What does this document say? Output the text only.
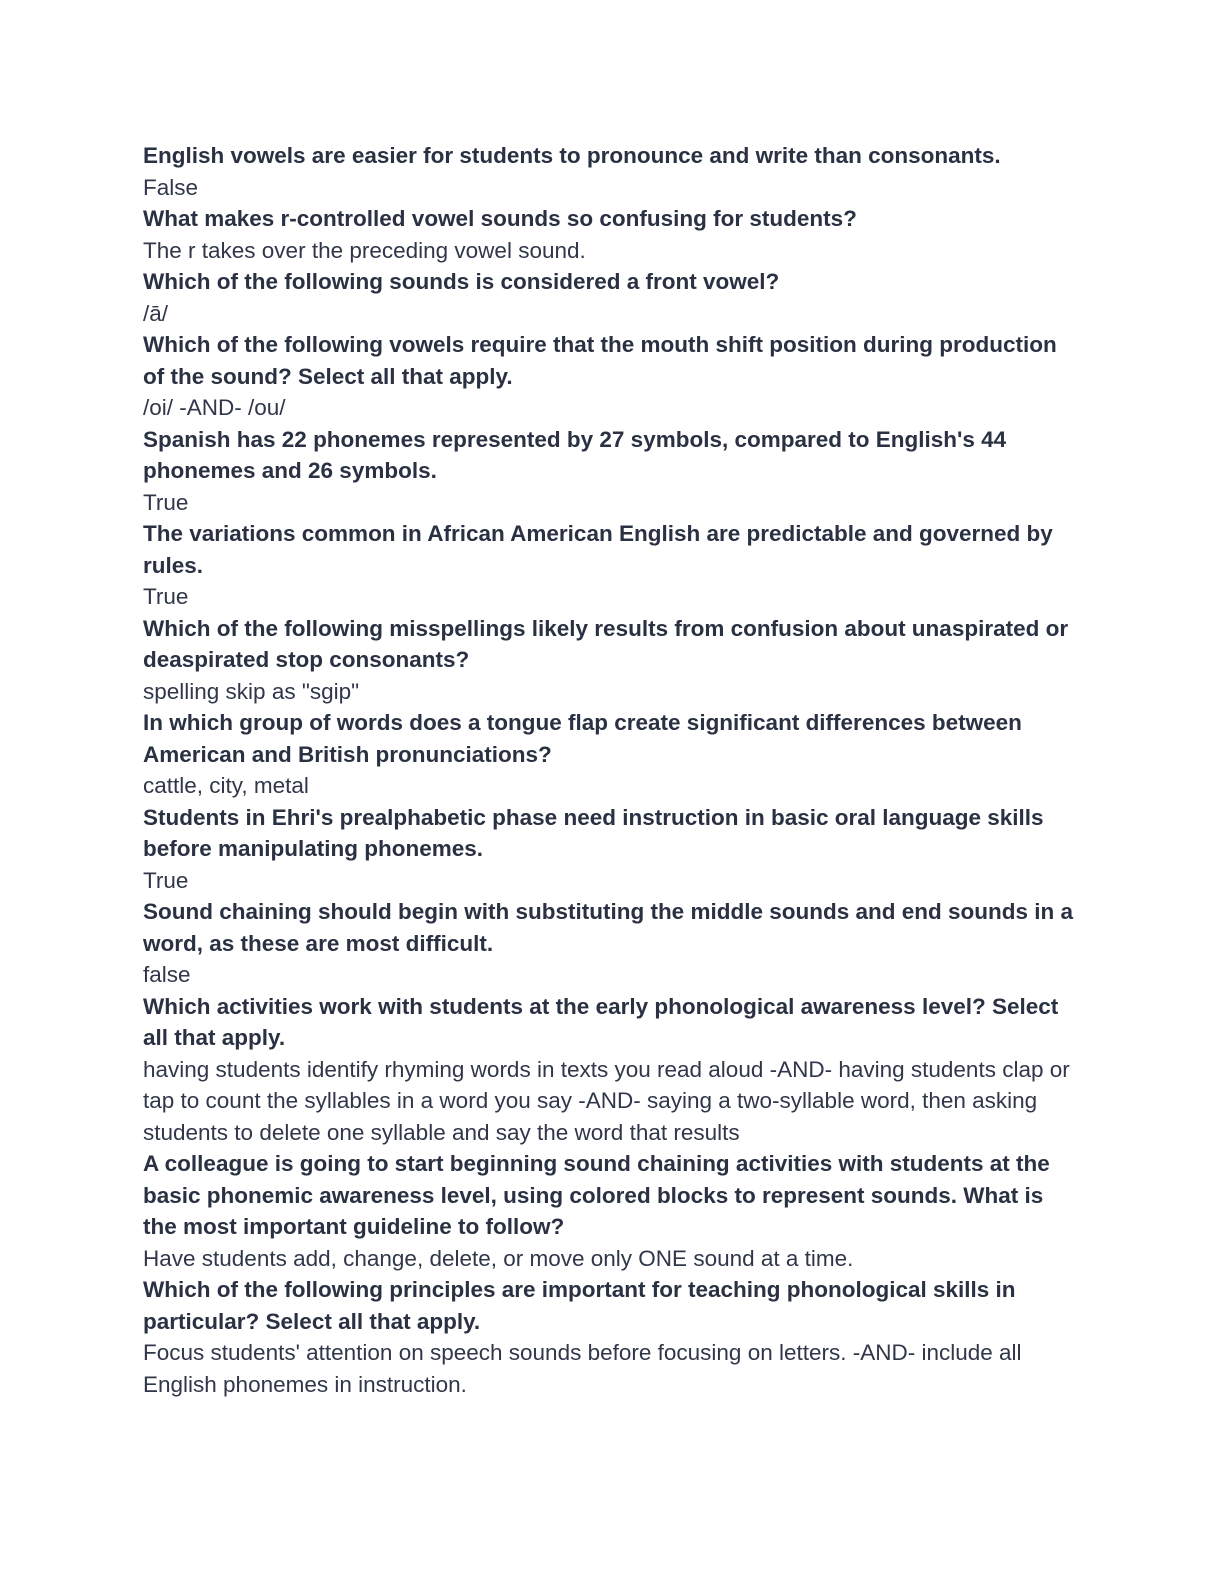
English vowels are easier for students to pronounce and write than consonants.

False

What makes r-controlled vowel sounds so confusing for students?

The r takes over the preceding vowel sound.

Which of the following sounds is considered a front vowel?

/ā/

Which of the following vowels require that the mouth shift position during production of the sound? Select all that apply.

/oi/ -AND- /ou/

Spanish has 22 phonemes represented by 27 symbols, compared to English's 44 phonemes and 26 symbols.

True

The variations common in African American English are predictable and governed by rules.

True

Which of the following misspellings likely results from confusion about unaspirated or deaspirated stop consonants?

spelling skip as "sgip"

In which group of words does a tongue flap create significant differences between American and British pronunciations?

cattle, city, metal

Students in Ehri's prealphabetic phase need instruction in basic oral language skills before manipulating phonemes.

True

Sound chaining should begin with substituting the middle sounds and end sounds in a word, as these are most difficult.

false

Which activities work with students at the early phonological awareness level? Select all that apply.

having students identify rhyming words in texts you read aloud -AND- having students clap or tap to count the syllables in a word you say -AND- saying a two-syllable word, then asking students to delete one syllable and say the word that results

A colleague is going to start beginning sound chaining activities with students at the basic phonemic awareness level, using colored blocks to represent sounds. What is the most important guideline to follow?

Have students add, change, delete, or move only ONE sound at a time.

Which of the following principles are important for teaching phonological skills in particular? Select all that apply.

Focus students' attention on speech sounds before focusing on letters. -AND- include all English phonemes in instruction.
